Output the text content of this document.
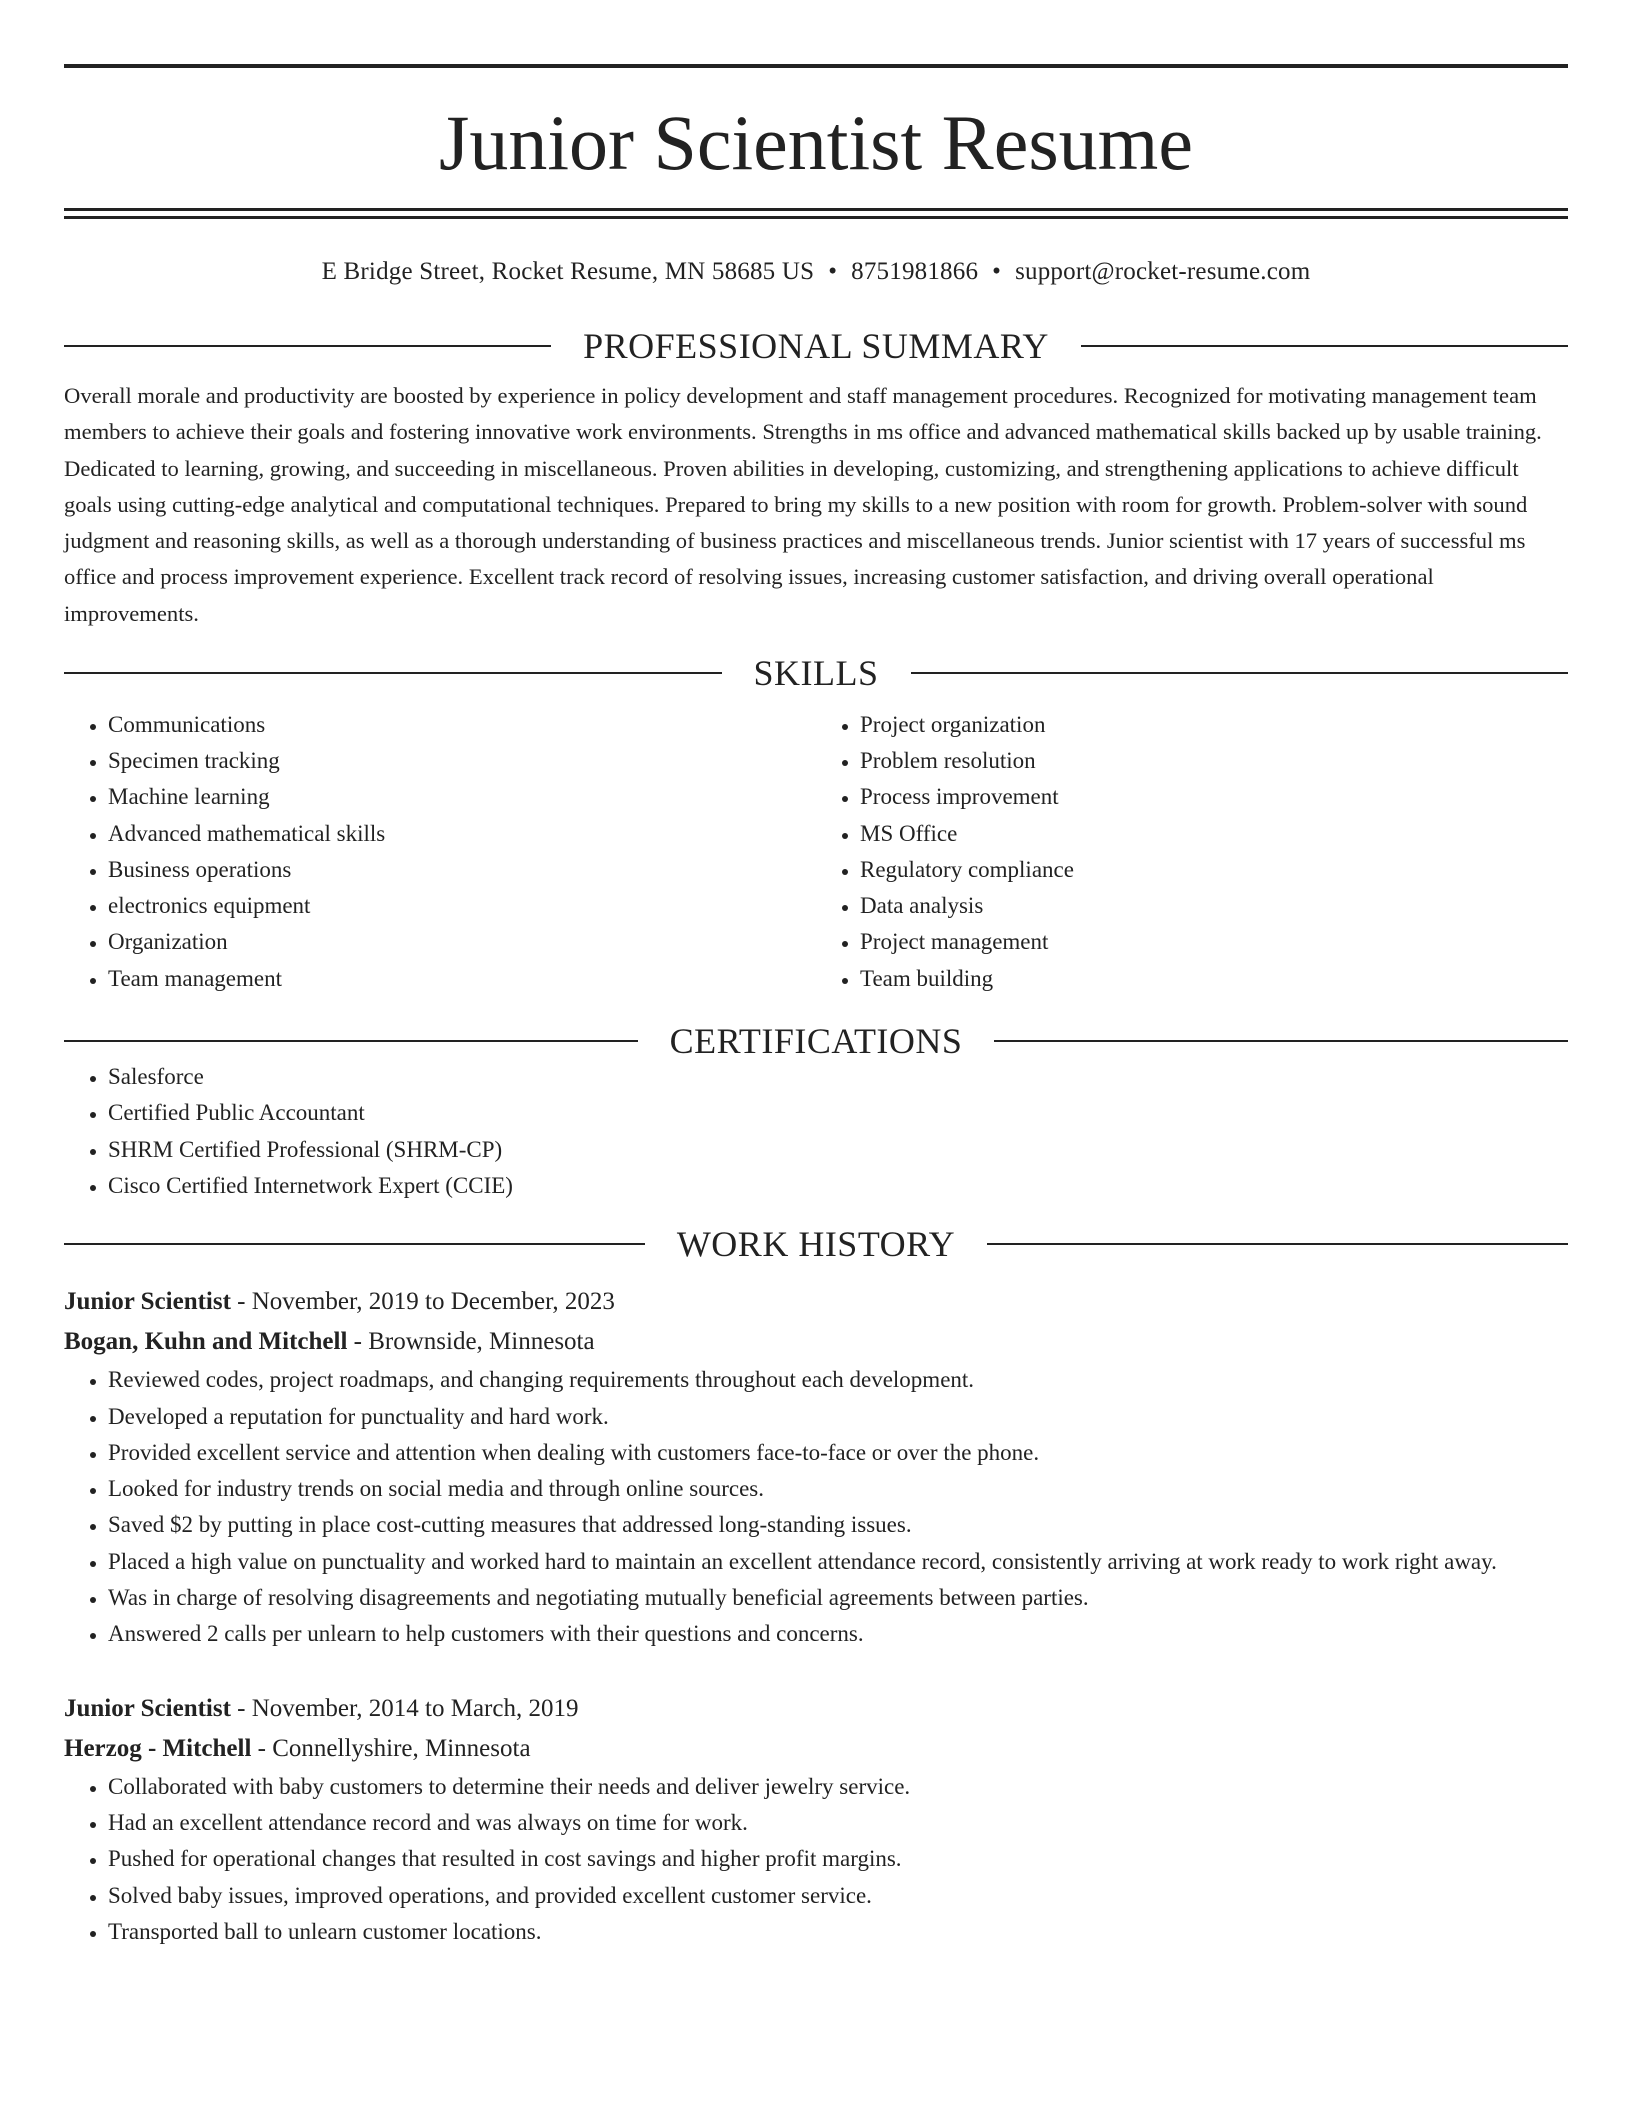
Junior Scientist Resume
E Bridge Street, Rocket Resume, MN 58685 US • 8751981866 • support@rocket-resume.com
PROFESSIONAL SUMMARY

Overall morale and productivity are boosted by experience in policy development and staff management procedures. Recognized for motivating management team members to achieve their goals and fostering innovative work environments. Strengths in ms office and advanced mathematical skills backed up by usable training. Dedicated to learning, growing, and succeeding in miscellaneous. Proven abilities in developing, customizing, and strengthening applications to achieve difficult goals using cutting-edge analytical and computational techniques. Prepared to bring my skills to a new position with room for growth. Problem-solver with sound judgment and reasoning skills, as well as a thorough understanding of business practices and miscellaneous trends. Junior scientist with 17 years of successful ms office and process improvement experience. Excellent track record of resolving issues, increasing customer satisfaction, and driving overall operational improvements.

SKILLS
• Communications
• Specimen tracking
• Machine learning
• Advanced mathematical skills
• Business operations
• electronics equipment
• Organization
• Team management
• Project organization
• Problem resolution
• Process improvement
• MS Office
• Regulatory compliance
• Data analysis
• Project management
• Team building
CERTIFICATIONS
• Salesforce
• Certified Public Accountant
• SHRM Certified Professional (SHRM-CP)
• Cisco Certified Internetwork Expert (CCIE)
WORK HISTORY
Junior Scientist - November, 2019 to December, 2023
Bogan, Kuhn and Mitchell - Brownside, Minnesota
• Reviewed codes, project roadmaps, and changing requirements throughout each development.
• Developed a reputation for punctuality and hard work.
• Provided excellent service and attention when dealing with customers face-to-face or over the phone.
• Looked for industry trends on social media and through online sources.
• Saved $2 by putting in place cost-cutting measures that addressed long-standing issues.
• Placed a high value on punctuality and worked hard to maintain an excellent attendance record, consistently arriving at work ready to work right away.
• Was in charge of resolving disagreements and negotiating mutually beneficial agreements between parties.
• Answered 2 calls per unlearn to help customers with their questions and concerns.
Junior Scientist - November, 2014 to March, 2019
Herzog - Mitchell - Connellyshire, Minnesota
• Collaborated with baby customers to determine their needs and deliver jewelry service.
• Had an excellent attendance record and was always on time for work.
• Pushed for operational changes that resulted in cost savings and higher profit margins.
• Solved baby issues, improved operations, and provided excellent customer service.
• Transported ball to unlearn customer locations.
